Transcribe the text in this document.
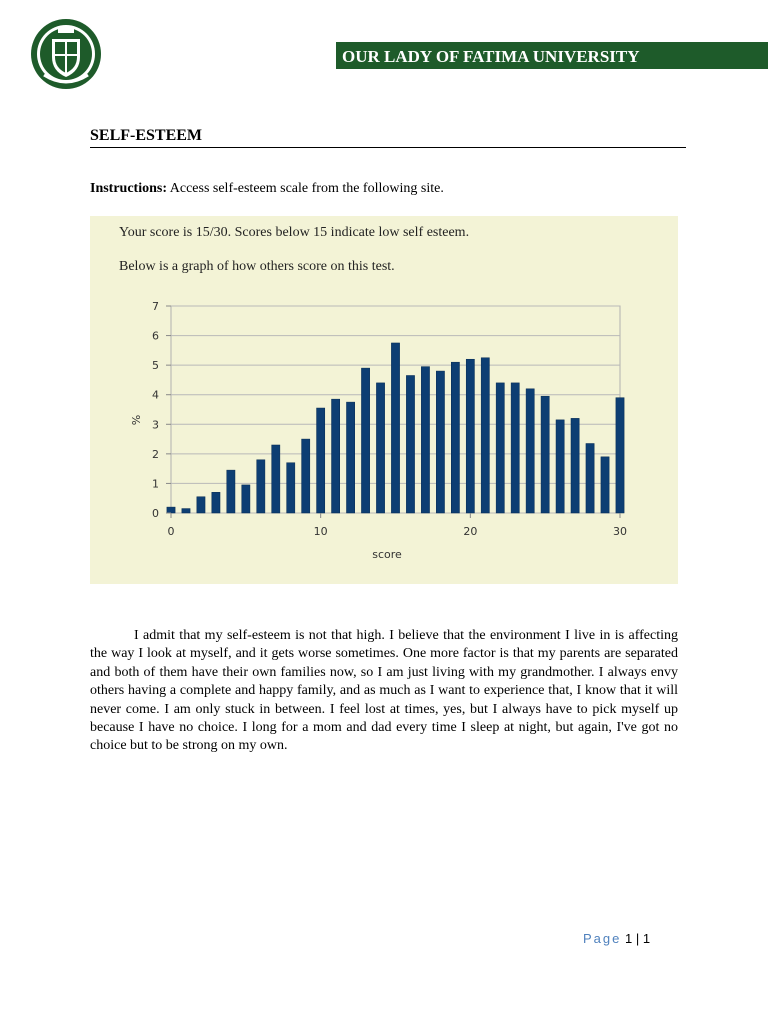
OUR LADY OF FATIMA UNIVERSITY
SELF-ESTEEM
Instructions: Access self-esteem scale from the following site.
Your score is 15/30. Scores below 15 indicate low self esteem.
Below is a graph of how others score on this test.
0
1
2
3
4
5
6
7
0	10	20	30
score
%

I admit that my self-esteem is not that high. I believe that the environment I live in is affecting the way I look at myself, and it gets worse sometimes. One more factor is that my parents are separated and both of them have their own families now, so I am just living with my grandmother. I always envy others having a complete and happy family, and as much as I want to experience that, I know that it will never come. I am only stuck in between. I feel lost at times, yes, but I always have to pick myself up because I have no choice. I long for a mom and dad every time I sleep at night, but again, I've got no choice but to be strong on my own.

Page 1 | 1
